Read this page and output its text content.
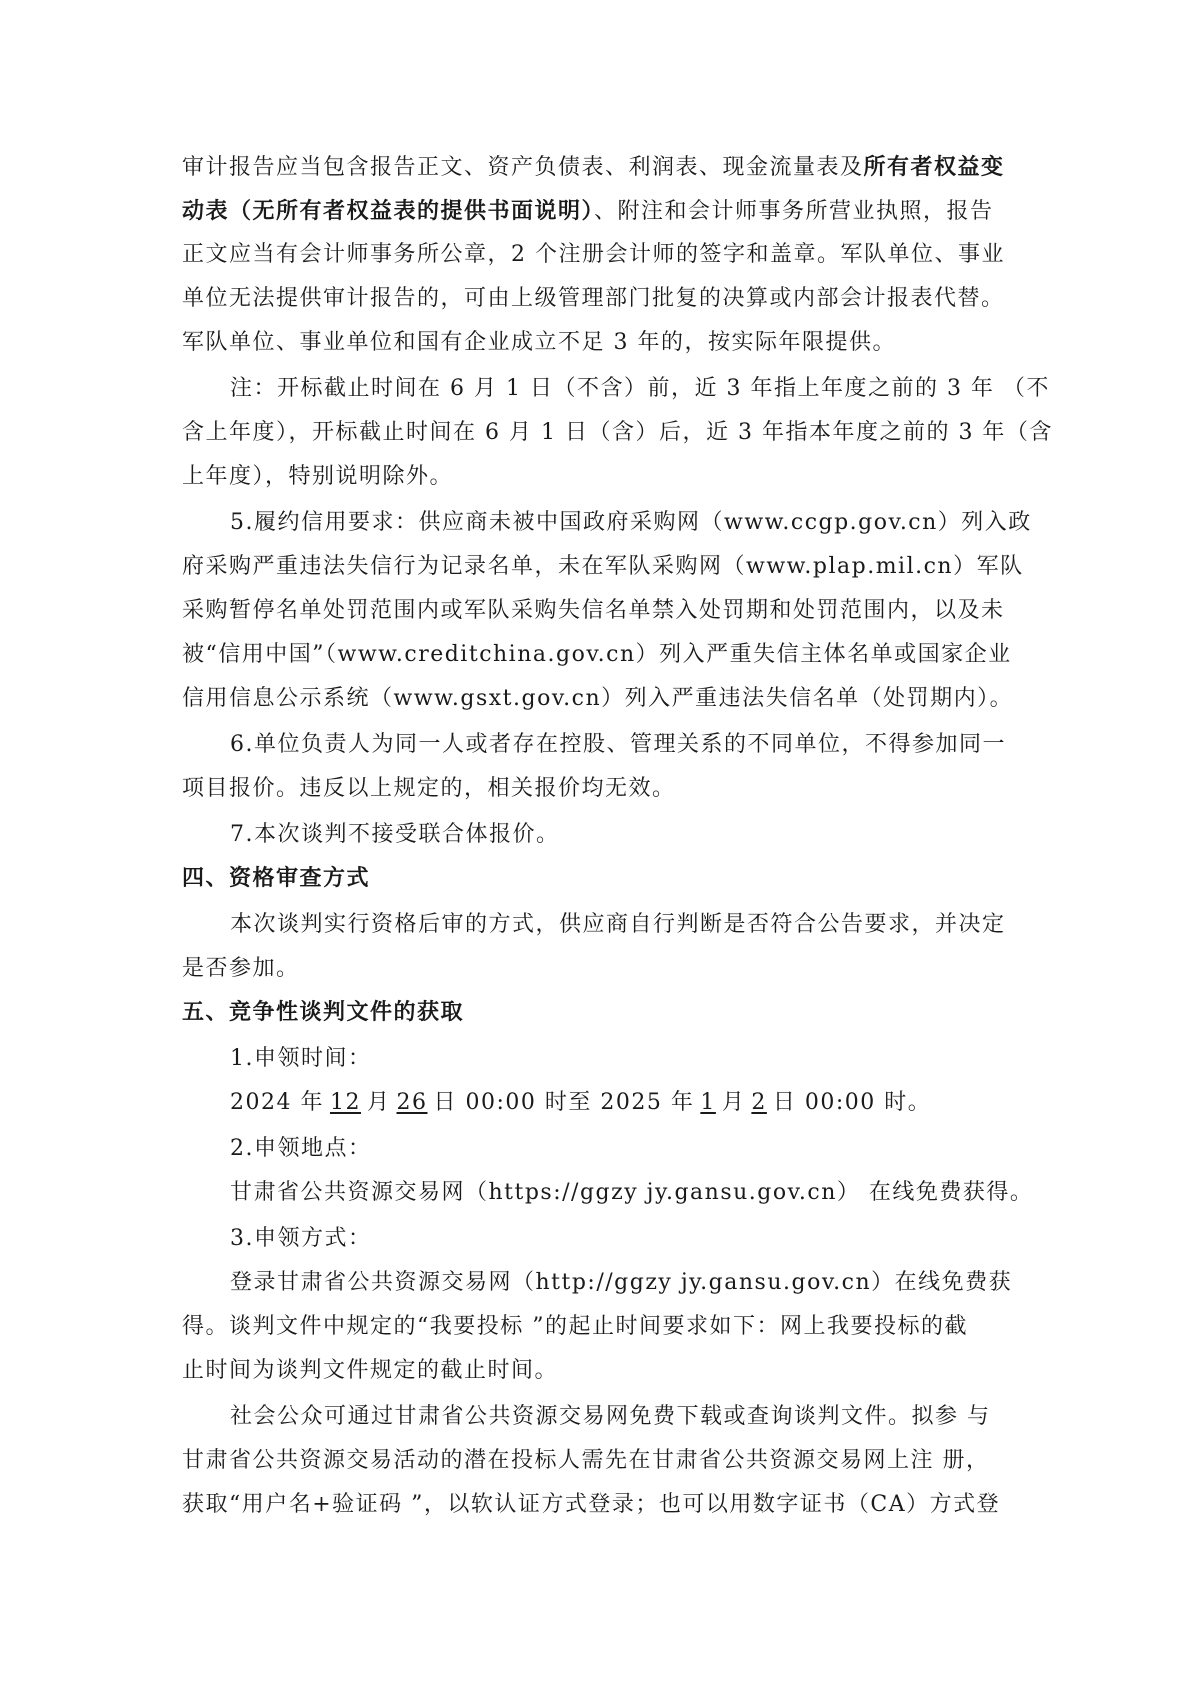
审计报告应当包含报告正文、资产负债表、利润表、现金流量表及所有者权益变
动表（无所有者权益表的提供书面说明）、附注和会计师事务所营业执照，报告
正文应当有会计师事务所公章，2 个注册会计师的签字和盖章。军队单位、事业
单位无法提供审计报告的，可由上级管理部门批复的决算或内部会计报表代替。
军队单位、事业单位和国有企业成立不足 3 年的，按实际年限提供。
注：开标截止时间在 6 月 1 日（不含）前，近 3 年指上年度之前的 3 年 （不
含上年度），开标截止时间在 6 月 1 日（含）后，近 3 年指本年度之前的 3 年（含
上年度），特别说明除外。
5.履约信用要求：供应商未被中国政府采购网（www.ccgp.gov.cn）列入政
府采购严重违法失信行为记录名单，未在军队采购网（www.plap.mil.cn）军队
采购暂停名单处罚范围内或军队采购失信名单禁入处罚期和处罚范围内，以及未
被“信用中国”（www.creditchina.gov.cn）列入严重失信主体名单或国家企业
信用信息公示系统（www.gsxt.gov.cn）列入严重违法失信名单（处罚期内）。
6.单位负责人为同一人或者存在控股、管理关系的不同单位，不得参加同一
项目报价。违反以上规定的，相关报价均无效。
7.本次谈判不接受联合体报价。
四、资格审查方式
本次谈判实行资格后审的方式，供应商自行判断是否符合公告要求，并决定
是否参加。
五、竞争性谈判文件的获取
1.申领时间：
2024 年 12 月 26 日 00:00 时至 2025 年 1 月 2 日 00:00 时。
2.申领地点：
甘肃省公共资源交易网（https://ggzy jy.gansu.gov.cn） 在线免费获得。
3.申领方式：
登录甘肃省公共资源交易网（http://ggzy jy.gansu.gov.cn）在线免费获
得。谈判文件中规定的“我要投标 ”的起止时间要求如下：网上我要投标的截
止时间为谈判文件规定的截止时间。
社会公众可通过甘肃省公共资源交易网免费下载或查询谈判文件。拟参 与
甘肃省公共资源交易活动的潜在投标人需先在甘肃省公共资源交易网上注 册，
获取“用户名+验证码 ”，以软认证方式登录；也可以用数字证书（CA）方式登
